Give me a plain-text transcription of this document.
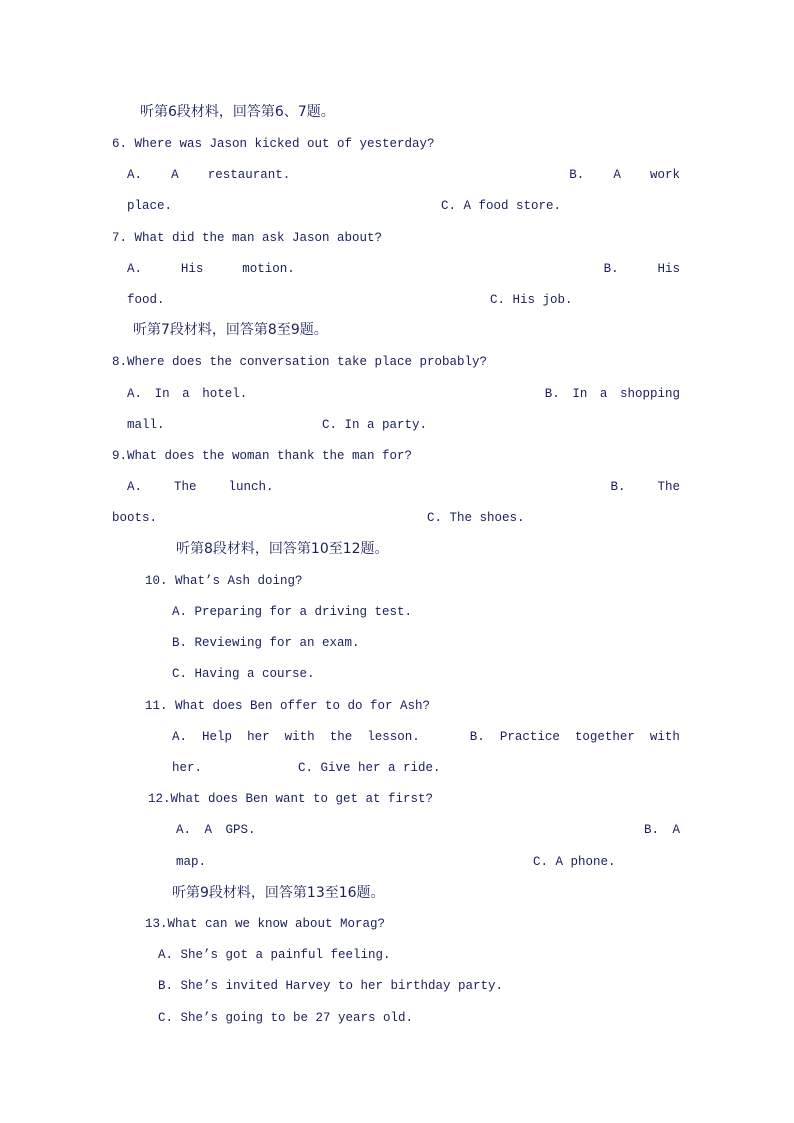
听第6段材料，回答第6、7题。
6. Where was Jason kicked out of yesterday?
A. A restaurant.	B. A work
place.	C. A food store.
7. What did the man ask Jason about?
A.	His	motion.	B.	His
food.	C. His job.
听第7段材料，回答第8至9题。
8.Where does the conversation take place probably?
A. In a hotel.	B. In a shopping
mall.	C. In a party.
9.What does the woman thank the man for?
A.	The	lunch.	B.	The
boots.	C. The shoes.
听第8段材料，回答第10至12题。
10. What’s Ash doing?
A. Preparing for a driving test.
B. Reviewing for an exam.
C. Having a course.
11. What does Ben offer to do for Ash?
A. Help her with the lesson.	B. Practice together with
her.	C. Give her a ride.
12.What does Ben want to get at first?
A. A GPS.	B. A
map.	C. A phone.
听第9段材料，回答第13至16题。
13.What can we know about Morag?
A. She’s got a painful feeling.
B. She’s invited Harvey to her birthday party.
C. She’s going to be 27 years old.
